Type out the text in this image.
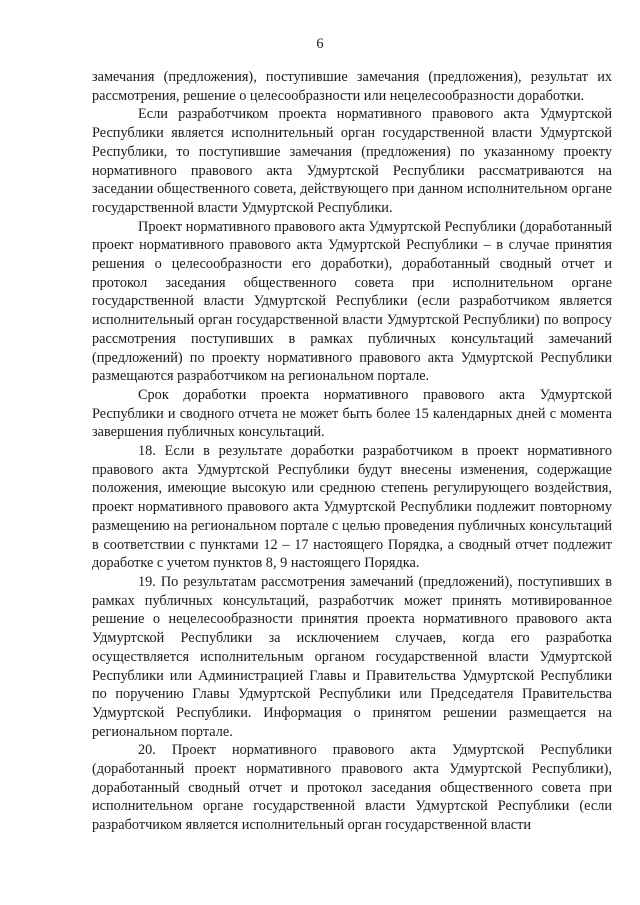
6

замечания (предложения), поступившие замечания (предложения), результат их рассмотрения, решение о целесообразности или нецелесообразности доработки.

Если разработчиком проекта нормативного правового акта Удмуртской Республики является исполнительный орган государственной власти Удмуртской Республики, то поступившие замечания (предложения) по указанному проекту нормативного правового акта Удмуртской Республики рассматриваются на заседании общественного совета, действующего при данном исполнительном органе государственной власти Удмуртской Республики.

Проект нормативного правового акта Удмуртской Республики (доработанный проект нормативного правового акта Удмуртской Республики – в случае принятия решения о целесообразности его доработки), доработанный сводный отчет и протокол заседания общественного совета при исполнительном органе государственной власти Удмуртской Республики (если разработчиком является исполнительный орган государственной власти Удмуртской Республики) по вопросу рассмотрения поступивших в рамках публичных консультаций замечаний (предложений) по проекту нормативного правового акта Удмуртской Республики размещаются разработчиком на региональном портале.

Срок доработки проекта нормативного правового акта Удмуртской Республики и сводного отчета не может быть более 15 календарных дней с момента завершения публичных консультаций.

18. Если в результате доработки разработчиком в проект нормативного правового акта Удмуртской Республики будут внесены изменения, содержащие положения, имеющие высокую или среднюю степень регулирующего воздействия, проект нормативного правового акта Удмуртской Республики подлежит повторному размещению на региональном портале с целью проведения публичных консультаций в соответствии с пунктами 12 – 17 настоящего Порядка, а сводный отчет подлежит доработке с учетом пунктов 8, 9 настоящего Порядка.

19. По результатам рассмотрения замечаний (предложений), поступивших в рамках публичных консультаций, разработчик может принять мотивированное решение о нецелесообразности принятия проекта нормативного правового акта Удмуртской Республики за исключением случаев, когда его разработка осуществляется исполнительным органом государственной власти Удмуртской Республики или Администрацией Главы и Правительства Удмуртской Республики по поручению Главы Удмуртской Республики или Председателя Правительства Удмуртской Республики. Информация о принятом решении размещается на региональном портале.

20. Проект нормативного правового акта Удмуртской Республики (доработанный проект нормативного правового акта Удмуртской Республики), доработанный сводный отчет и протокол заседания общественного совета при исполнительном органе государственной власти Удмуртской Республики (если разработчиком является исполнительный орган государственной власти
